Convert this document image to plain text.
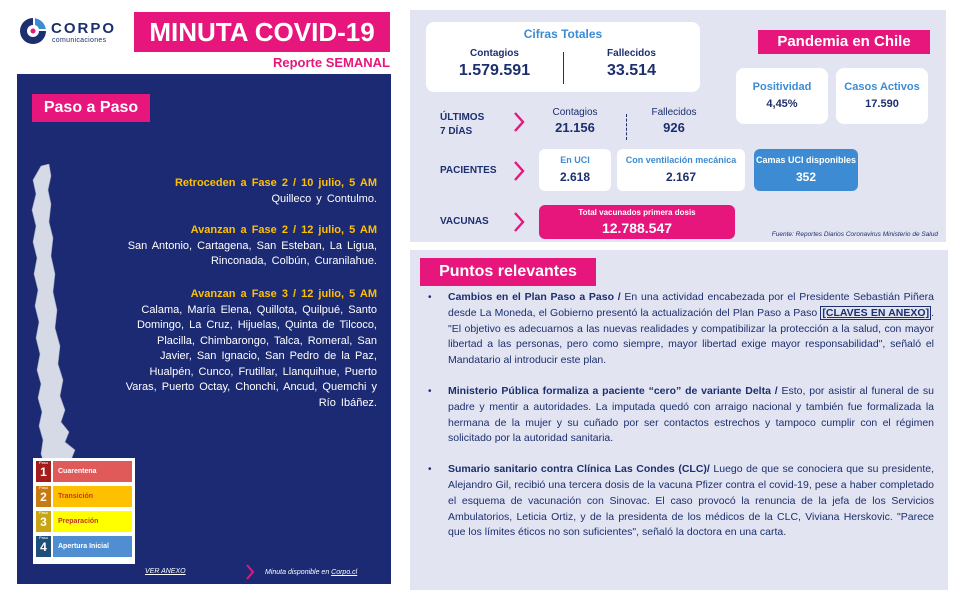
CORPO
comunicaciones	MINUTA COVID-19
Reporte SEMANAL
Paso a Paso
Retroceden a Fase 2 / 10 julio, 5 AM
Quilleco y Contulmo.
Avanzan a Fase 2 / 12 julio, 5 AM
San Antonio, Cartagena, San Esteban, La Ligua, Rinconada, Colbún, Curanilahue.
Avanzan a Fase 3 / 12 julio, 5 AM
Calama, María Elena, Quillota, Quilpué, Santo Domingo, La Cruz, Hijuelas, Quinta de Tilcoco, Placilla, Chimbarongo, Talca, Romeral, San Javier, San Ignacio, San Pedro de la Paz, Hualpén, Cunco, Frutillar, Llanquihue, Puerto Varas, Puerto Octay, Chonchi, Ancud, Quemchi y Río Ibáñez.
Paso
1	Cuarentena
Paso
2	Transición
Paso
3	Preparación
Paso
4	Apertura Inicial
VER ANEXO	Minuta disponible en Corpo.cl
Cifras Totales
Contagios
1.579.591
Fallecidos
33.514
Pandemia en Chile
Positividad
4,45%
Casos Activos
17.590
ÚLTIMOS
7 DÍAS
Contagios
21.156
Fallecidos
926
PACIENTES
En UCI
2.618
Con ventilación mecánica
2.167
Camas UCI disponibles
352
VACUNAS
Total vacunados primera dosis
12.788.547	Fuente: Reportes Diarios Coronavirus Ministerio de Salud
Puntos relevantes
• Cambios en el Plan Paso a Paso / En una actividad encabezada por el Presidente Sebastián Piñera desde La Moneda, el Gobierno presentó la actualización del Plan Paso a Paso [CLAVES EN ANEXO] . "El objetivo es adecuarnos a las nuevas realidades y compatibilizar la protección a la salud, con mayor libertad a las personas, pero como siempre, mayor libertad exige mayor responsabilidad", señaló el Mandatario al introducir este plan.
• Ministerio Pública formaliza a paciente “cero” de variante Delta / Esto, por asistir al funeral de su padre y mentir a autoridades. La imputada quedó con arraigo nacional y también fue formalizada la hermana de la mujer y su cuñado por ser contactos estrechos y tampoco cumplir con el régimen solicitado por la autoridad sanitaria.
• Sumario sanitario contra Clínica Las Condes (CLC)/ Luego de que se conociera que su presidente, Alejandro Gil, recibió una tercera dosis de la vacuna Pfizer contra el covid-19, pese a haber completado el esquema de vacunación con Sinovac. El caso provocó la renuncia de la jefa de los Servicios Ambulatorios, Leticia Ortiz, y de la presidenta de los médicos de la CLC, Viviana Herskovic. "Parece que los límites éticos no son suficientes", señaló la doctora en una carta.
